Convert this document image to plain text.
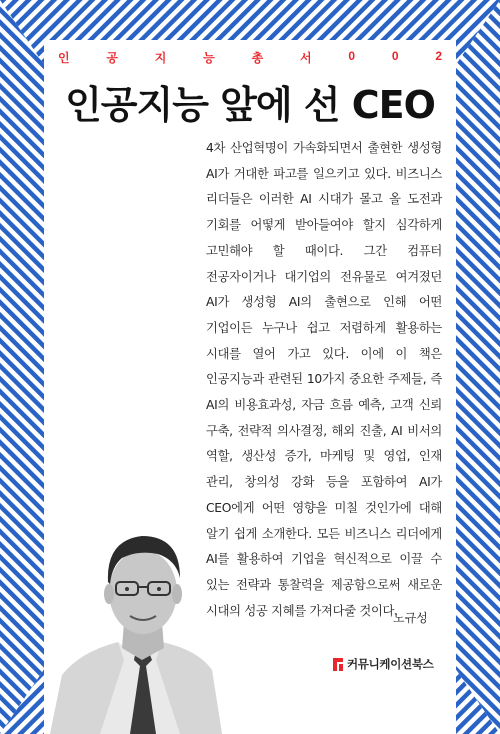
인	공	지	능	총	서	0	0	2
인공지능 앞에 선 CEO
4차 산업혁명이 가속화되면서 출현한 생성형 AI가 거대한 파고를 일으키고 있다. 비즈니스 리더들은 이러한 AI 시대가 몰고 올 도전과 기회를 어떻게 받아들여야 할지 심각하게 고민해야 할 때이다. 그간 컴퓨터 전공자이거나 대기업의 전유물로 여겨졌던 AI가 생성형 AI의 출현으로 인해 어떤 기업이든 누구나 쉽고 저렴하게 활용하는 시대를 열어 가고 있다. 이에 이 책은 인공지능과 관련된 10가지 중요한 주제들, 즉 AI의 비용효과성, 자금 흐름 예측, 고객 신뢰 구축, 전략적 의사결정, 해외 진출, AI 비서의 역할, 생산성 증가, 마케팅 및 영업, 인재 관리, 창의성 강화 등을 포함하여 AI가 CEO에게 어떤 영향을 미칠 것인가에 대해 알기 쉽게 소개한다. 모든 비즈니스 리더에게 AI를 활용하여 기업을 혁신적으로 이끌 수 있는 전략과 통찰력을 제공함으로써 새로운 시대의 성공 지혜를 가져다줄 것이다.
노규성
커뮤니케이션북스
